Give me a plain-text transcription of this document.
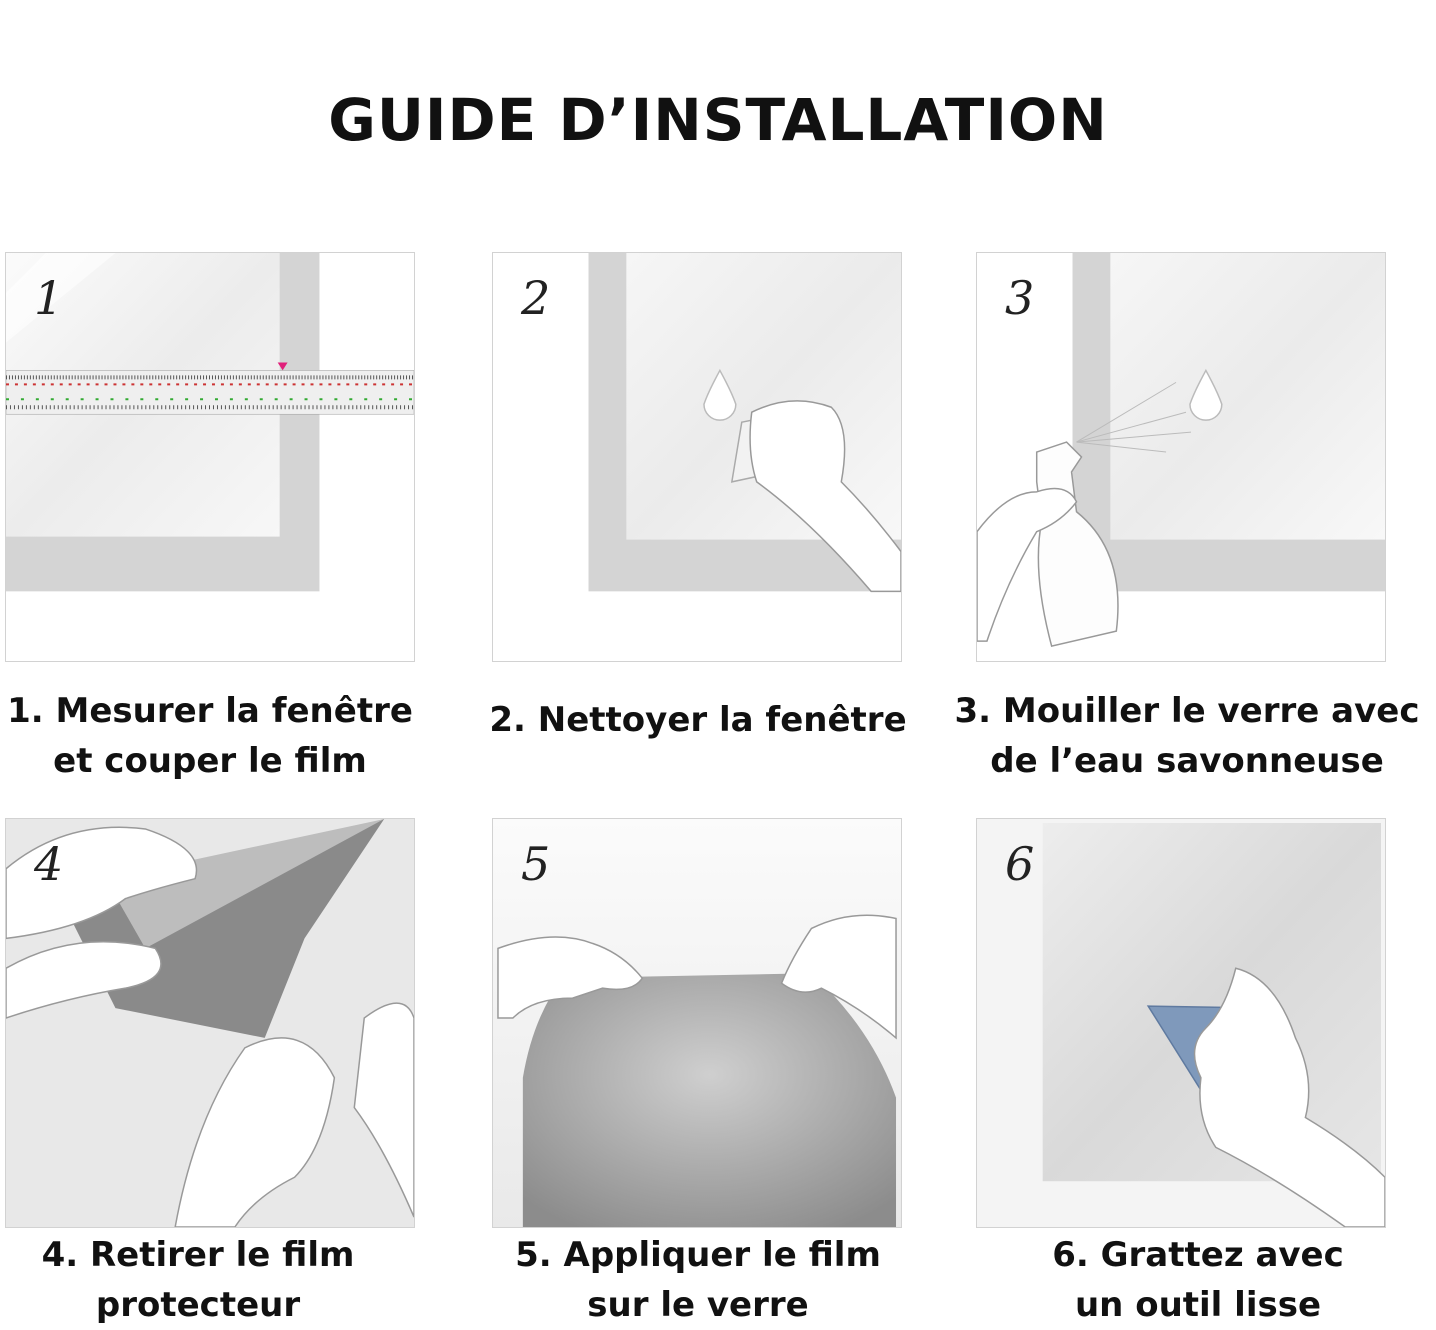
GUIDE D’INSTALLATION
1	2	3
4	5	6
1. Mesurer la fenêtre
et couper le film
2. Nettoyer la fenêtre	3. Mouiller le verre avec
de l’eau savonneuse
4. Retirer le film
protecteur
5. Appliquer le film
sur le verre
6. Grattez avec
un outil lisse
